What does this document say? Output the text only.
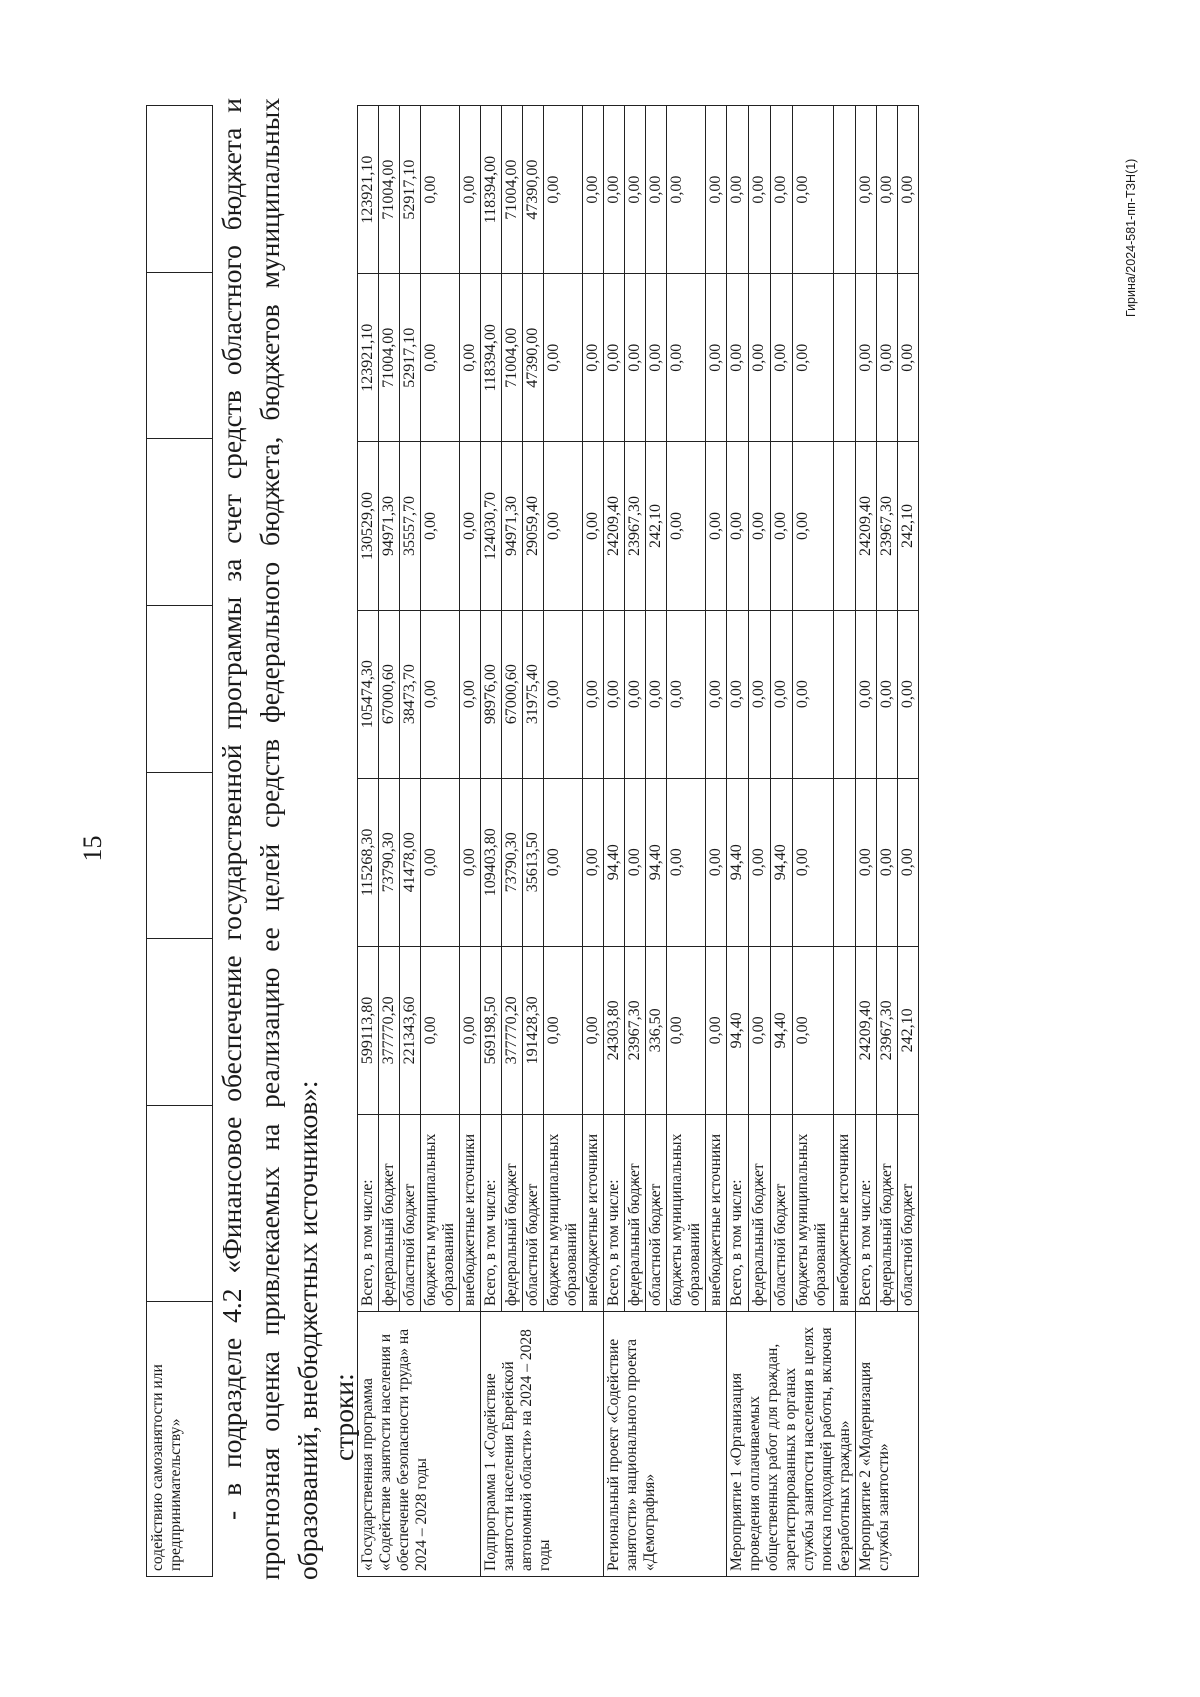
15
содействию самозанятости или предпринимательству»							- в подразделе 4.2 «Финансовое обеспечение государственной программы за счет средств областного бюджета и прогнозная оценка привлекаемых на реализацию ее целей средств федерального бюджета, бюджетов муниципальных образований, внебюджетных источников»: строки: «Государственная программа «Содействие занятости населения и обеспечение безопасности труда» на 2024 – 2028 годы	Всего, в том числе:	599113,80	115268,30	105474,30	130529,00	123921,10	123921,10
	федеральный бюджет	377770,20	73790,30	67000,60	94971,30	71004,00	71004,00
	областной бюджет	221343,60	41478,00	38473,70	35557,70	52917,10	52917,10
	бюджеты муниципальных образований	0,00	0,00	0,00	0,00	0,00	0,00
	внебюджетные источники	0,00	0,00	0,00	0,00	0,00	0,00
Подпрограмма 1 «Содействие занятости населения Еврейской автономной области» на 2024 – 2028 годы	Всего, в том числе:	569198,50	109403,80	98976,00	124030,70	118394,00	118394,00
	федеральный бюджет	377770,20	73790,30	67000,60	94971,30	71004,00	71004,00
	областной бюджет	191428,30	35613,50	31975,40	29059,40	47390,00	47390,00
	бюджеты муниципальных образований	0,00	0,00	0,00	0,00	0,00	0,00
	внебюджетные источники	0,00	0,00	0,00	0,00	0,00	0,00
Региональный проект «Содействие занятости» национального проекта «Демография»	Всего, в том числе:	24303,80	94,40	0,00	24209,40	0,00	0,00
	федеральный бюджет	23967,30	0,00	0,00	23967,30	0,00	0,00
	областной бюджет	336,50	94,40	0,00	242,10	0,00	0,00
	бюджеты муниципальных образований	0,00	0,00	0,00	0,00	0,00	0,00
	внебюджетные источники	0,00	0,00	0,00	0,00	0,00	0,00
Мероприятие 1 «Организация проведения оплачиваемых общественных работ для граждан, зарегистрированных в органах службы занятости населения в целях поиска подходящей работы, включая безработных граждан»	Всего, в том числе:	94,40	94,40	0,00	0,00	0,00	0,00
	федеральный бюджет	0,00	0,00	0,00	0,00	0,00	0,00
	областной бюджет	94,40	94,40	0,00	0,00	0,00	0,00
	бюджеты муниципальных образований	0,00	0,00	0,00	0,00	0,00	0,00
	внебюджетные источники						
Мероприятие 2 «Модернизация службы занятости»	Всего, в том числе:	24209,40	0,00	0,00	24209,40	0,00	0,00
	федеральный бюджет	23967,30	0,00	0,00	23967,30	0,00	0,00
	областной бюджет	242,10	0,00	0,00	242,10	0,00	0,00	Гирина/2024-581-пп-ТЗН(1)
